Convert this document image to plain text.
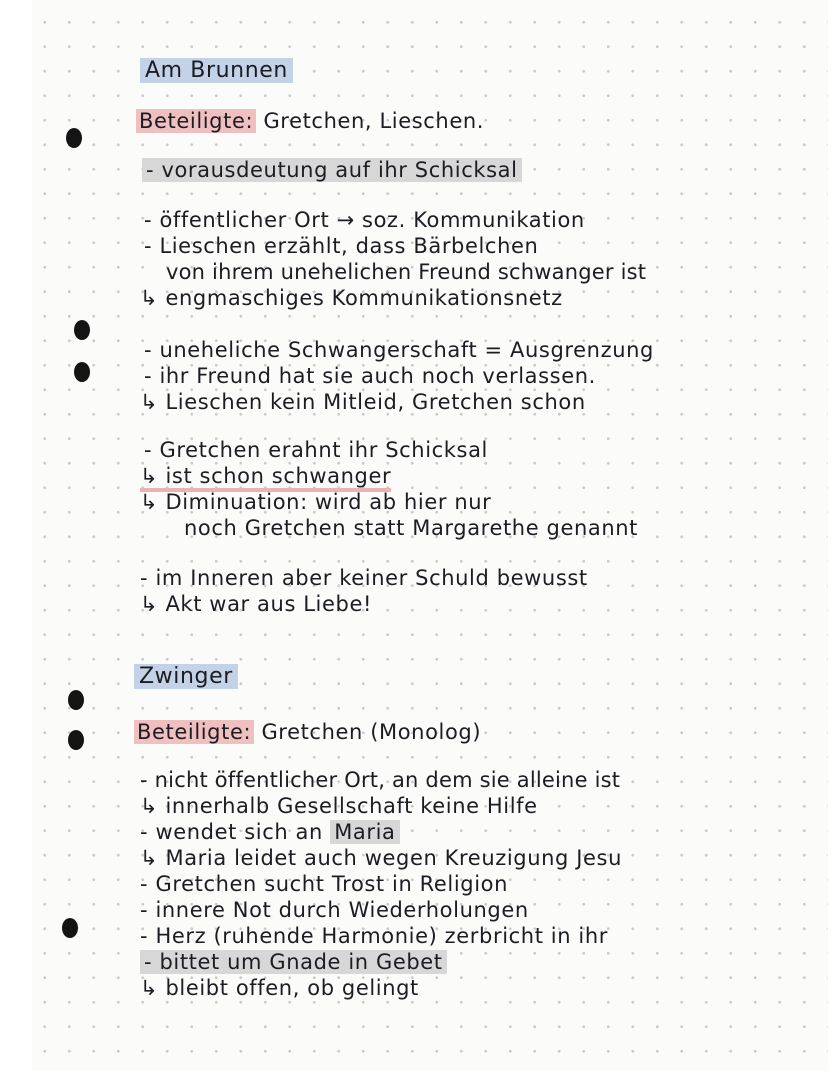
Am Brunnen
Beteiligte: Gretchen, Lieschen.
- vorausdeutung auf ihr Schicksal
- öffentlicher Ort → soz. Kommunikation
- Lieschen erzählt, dass Bärbelchen
von ihrem unehelichen Freund schwanger ist
↳ engmaschiges Kommunikationsnetz
- uneheliche Schwangerschaft = Ausgrenzung
- ihr Freund hat sie auch noch verlassen.
↳ Lieschen kein Mitleid, Gretchen schon
- Gretchen erahnt ihr Schicksal
↳ ist schon schwanger
↳ Diminuation: wird ab hier nur
noch Gretchen statt Margarethe genannt
- im Inneren aber keiner Schuld bewusst
↳ Akt war aus Liebe!
Zwinger
Beteiligte: Gretchen (Monolog)
- nicht öffentlicher Ort, an dem sie alleine ist
↳ innerhalb Gesellschaft keine Hilfe
- wendet sich an Maria
↳ Maria leidet auch wegen Kreuzigung Jesu
- Gretchen sucht Trost in Religion
- innere Not durch Wiederholungen
- Herz (ruhende Harmonie) zerbricht in ihr
- bittet um Gnade in Gebet
↳ bleibt offen, ob gelingt
